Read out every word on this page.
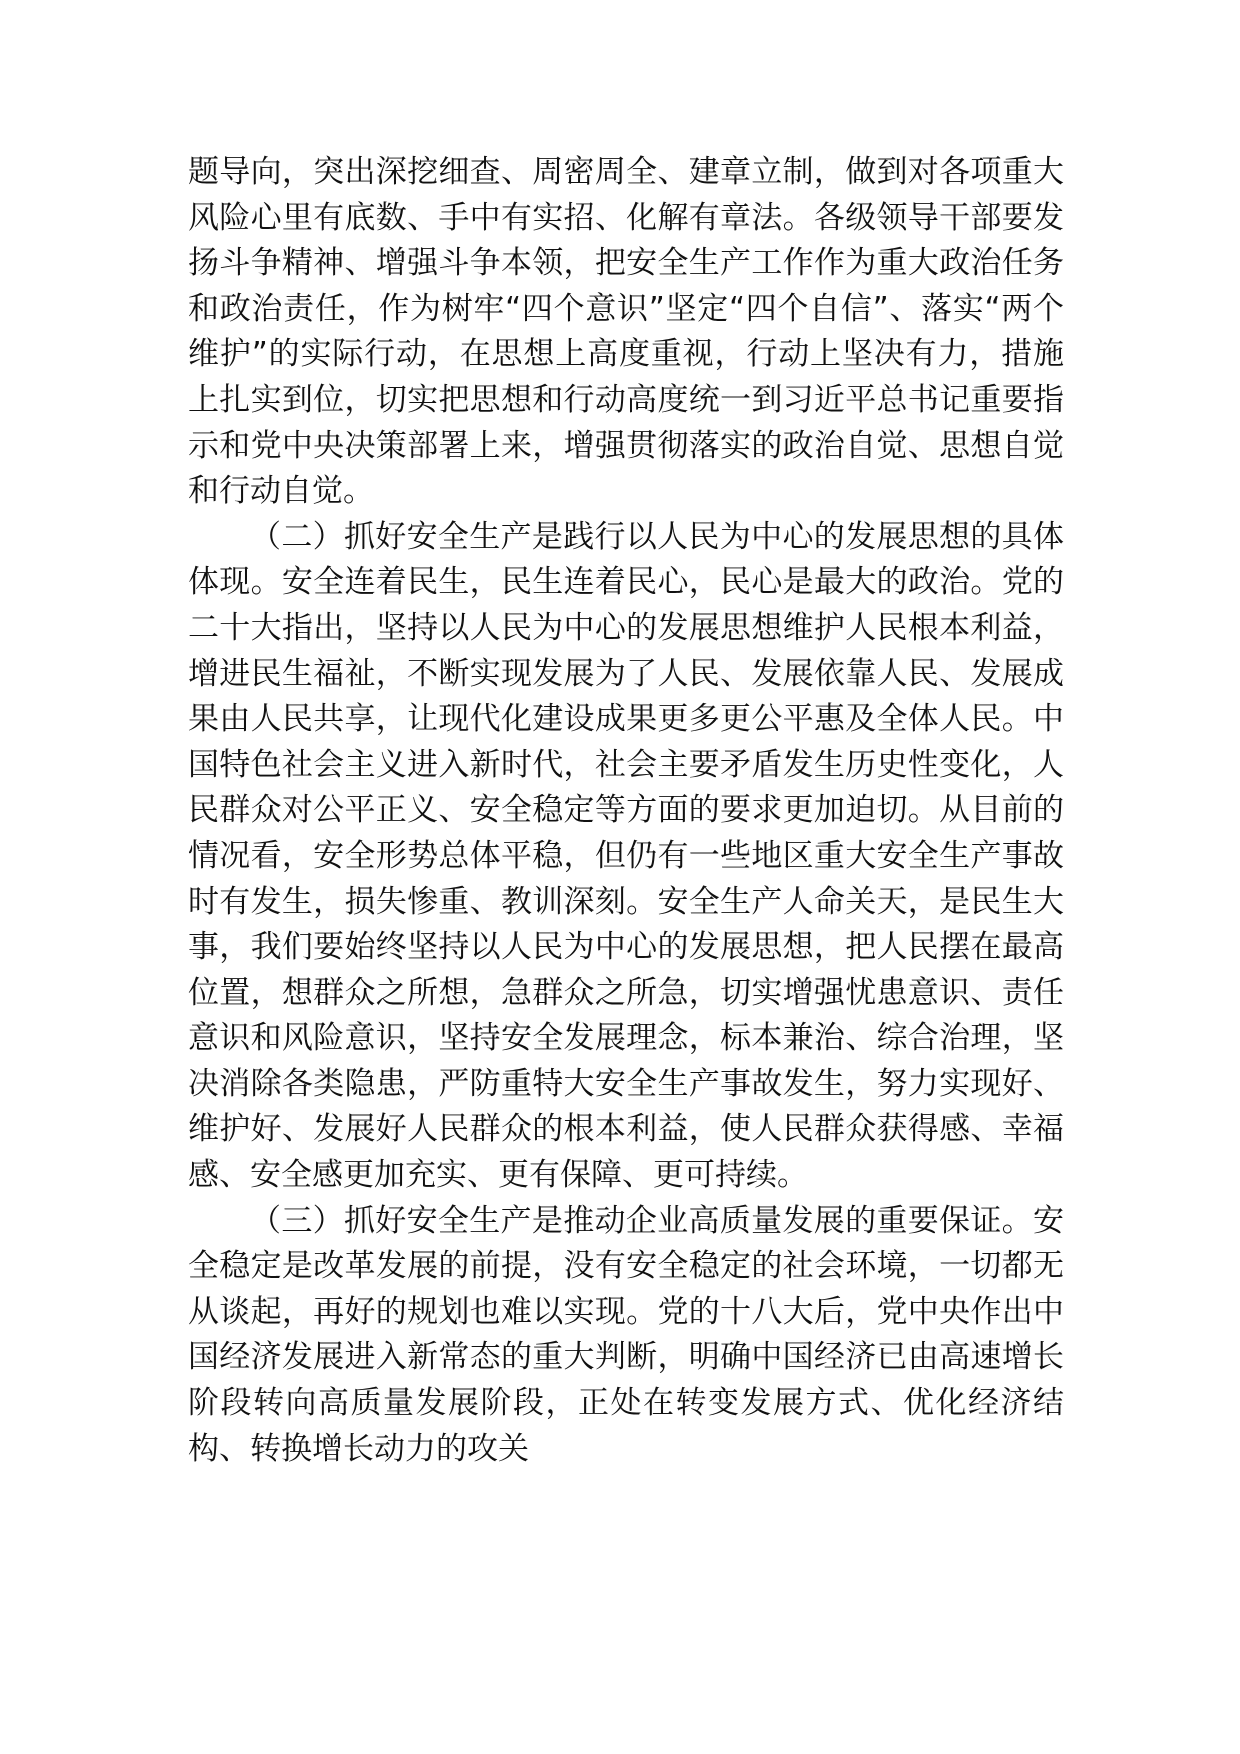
题导向，突出深挖细查、周密周全、建章立制，做到对各项重大风险心里有底数、手中有实招、化解有章法。各级领导干部要发扬斗争精神、增强斗争本领，把安全生产工作作为重大政治任务和政治责任，作为树牢“四个意识”坚定“四个自信”、落实“两个维护”的实际行动，在思想上高度重视，行动上坚决有力，措施上扎实到位，切实把思想和行动高度统一到习近平总书记重要指示和党中央决策部署上来，增强贯彻落实的政治自觉、思想自觉和行动自觉。

（二）抓好安全生产是践行以人民为中心的发展思想的具体体现。安全连着民生，民生连着民心，民心是最大的政治。党的二十大指出，坚持以人民为中心的发展思想维护人民根本利益，增进民生福祉，不断实现发展为了人民、发展依靠人民、发展成果由人民共享，让现代化建设成果更多更公平惠及全体人民。中国特色社会主义进入新时代，社会主要矛盾发生历史性变化，人民群众对公平正义、安全稳定等方面的要求更加迫切。从目前的情况看，安全形势总体平稳，但仍有一些地区重大安全生产事故时有发生，损失惨重、教训深刻。安全生产人命关天，是民生大事，我们要始终坚持以人民为中心的发展思想，把人民摆在最高位置，想群众之所想，急群众之所急，切实增强忧患意识、责任意识和风险意识，坚持安全发展理念，标本兼治、综合治理，坚决消除各类隐患，严防重特大安全生产事故发生，努力实现好、维护好、发展好人民群众的根本利益，使人民群众获得感、幸福感、安全感更加充实、更有保障、更可持续。

（三）抓好安全生产是推动企业高质量发展的重要保证。安全稳定是改革发展的前提，没有安全稳定的社会环境，一切都无从谈起，再好的规划也难以实现。党的十八大后，党中央作出中国经济发展进入新常态的重大判断，明确中国经济已由高速增长阶段转向高质量发展阶段，正处在转变发展方式、优化经济结构、转换增长动力的攻关
